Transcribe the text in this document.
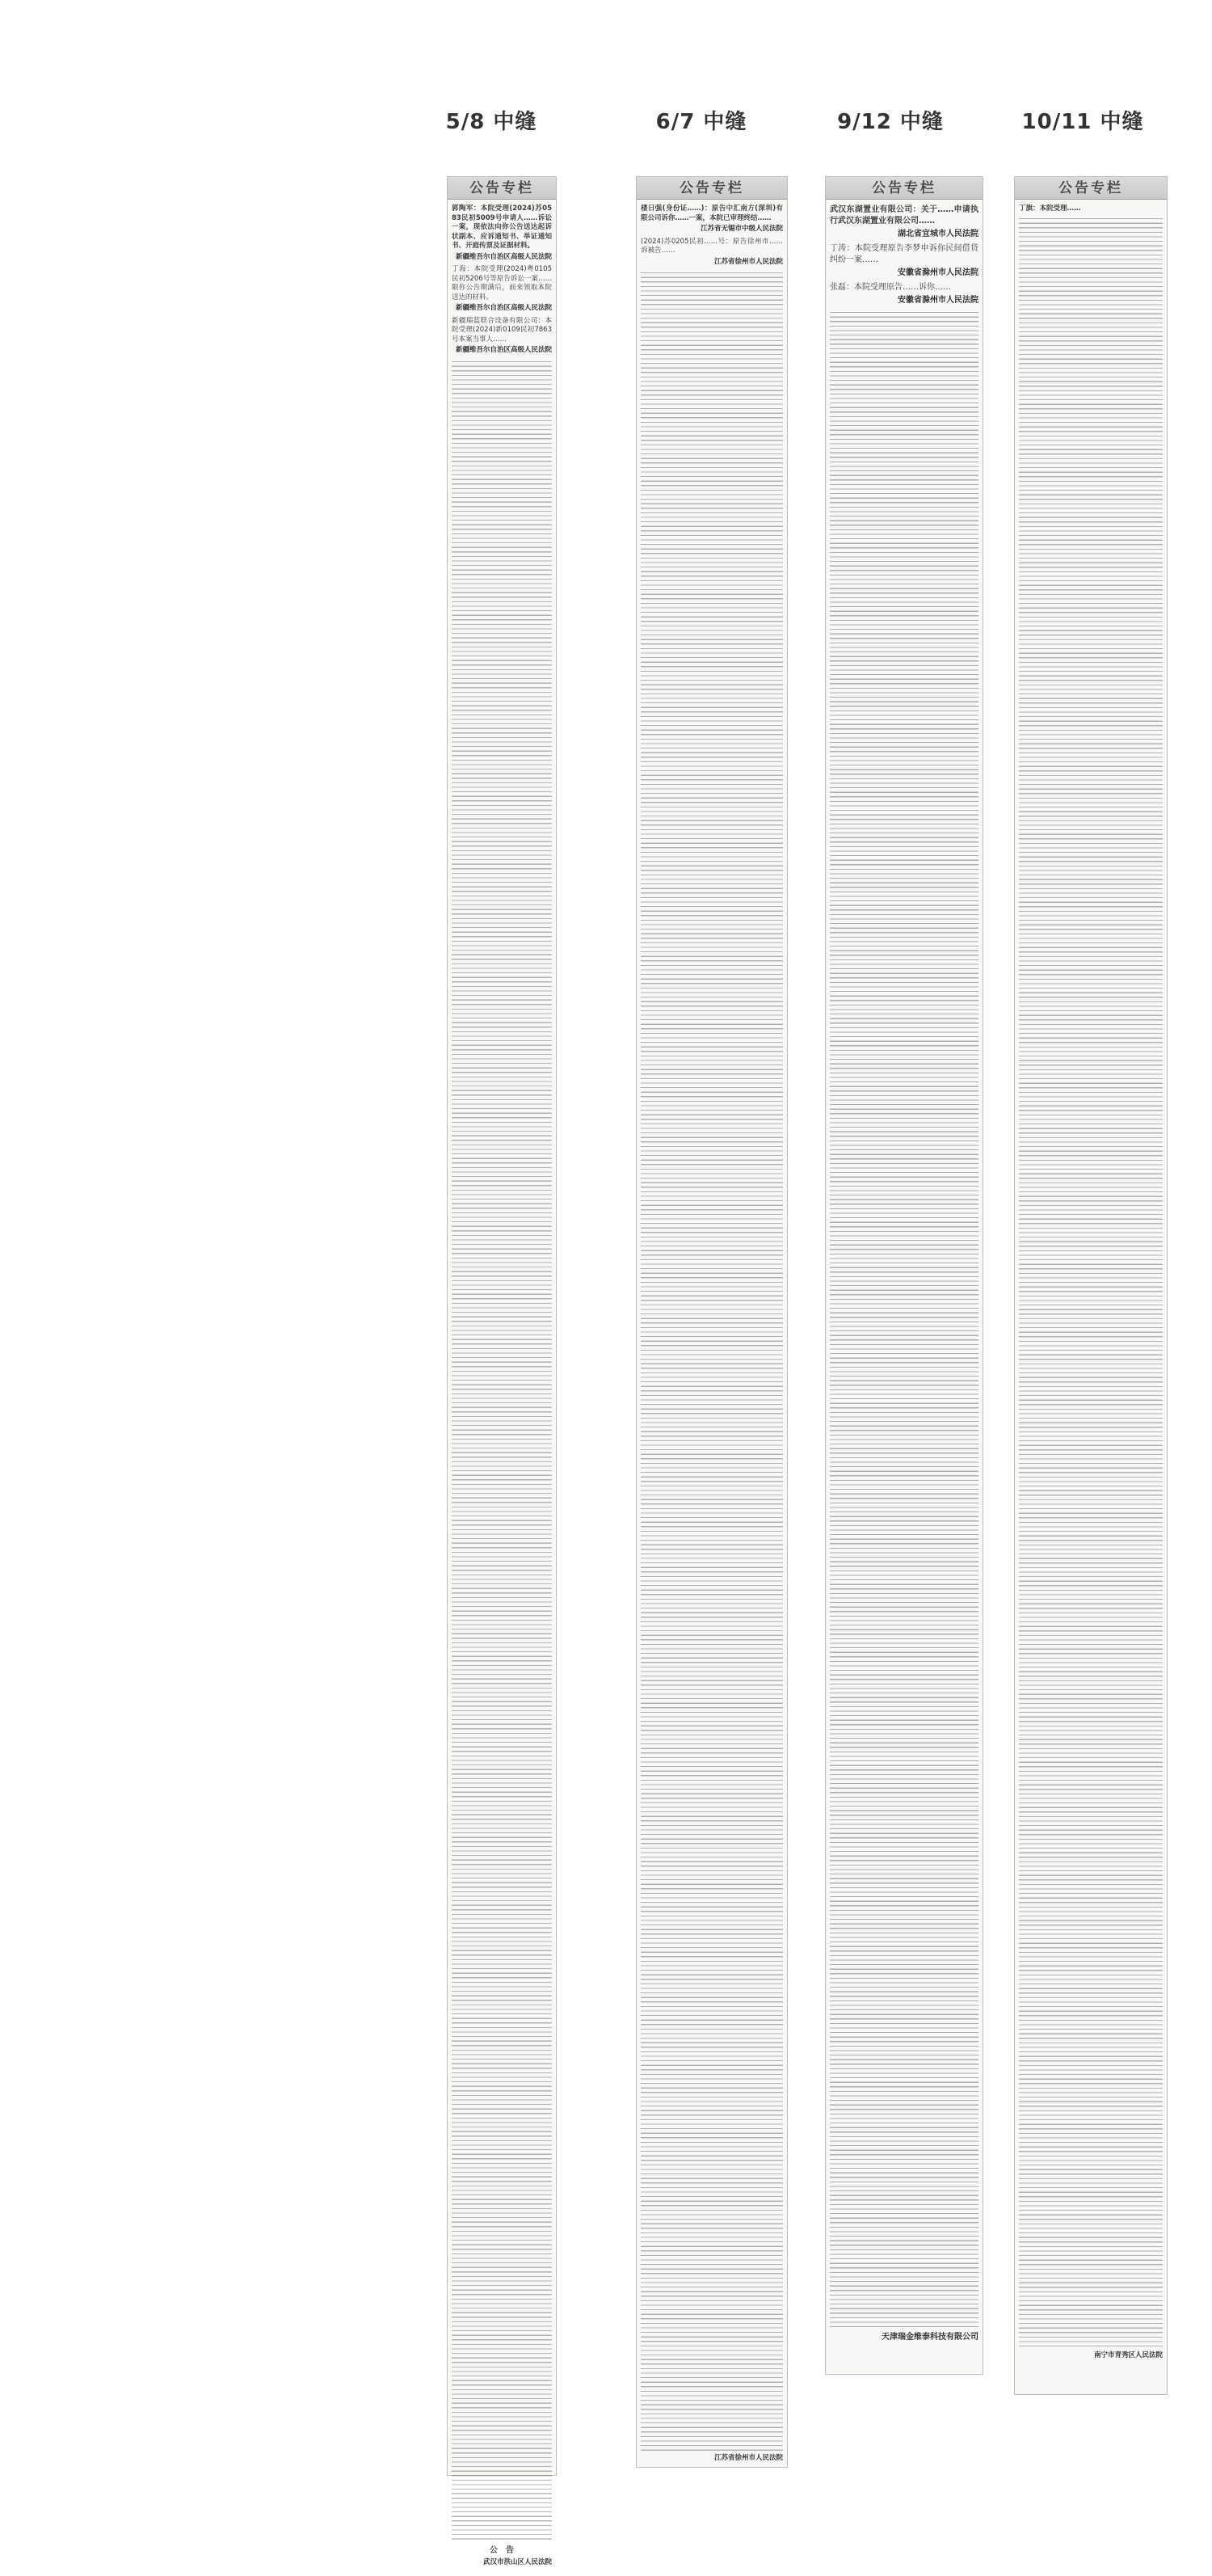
5/8 中缝	6/7 中缝	9/12 中缝	10/11 中缝
公告专栏

郭陶军：本院受理(2024)苏0583民初5009号申请人……诉讼一案，现依法向你公告送达起诉状副本、应诉通知书、举证通知书、开庭传票及证据材料。

新疆维吾尔自治区高级人民法院

丁海：本院受理(2024)粤0105民初5206号等原告诉讼一案……限你公告期满后，前来领取本院送达的材料。

新疆维吾尔自治区高级人民法院

新疆瑞蓝联合设备有限公司：本院受理(2024)新0109民初7863号本案当事人……

新疆维吾尔自治区高级人民法院

公　告

武汉市洪山区人民法院

公告专栏

楼日强(身份证……)：原告中汇南方(深圳)有限公司诉你……一案，本院已审理终结……

江苏省无锡市中级人民法院

(2024)苏0205民初……号：原告徐州市……诉被告……

江苏省徐州市人民法院

江苏省徐州市人民法院

公告专栏

武汉东湖置业有限公司：关于……申请执行武汉东湖置业有限公司……

湖北省宜城市人民法院

丁涛：本院受理原告李梦申诉你民间借贷纠纷一案……

安徽省滁州市人民法院

张磊：本院受理原告……诉你……

安徽省滁州市人民法院

天津瑞金维泰科技有限公司

公告专栏

丁旗：本院受理……

南宁市青秀区人民法院
